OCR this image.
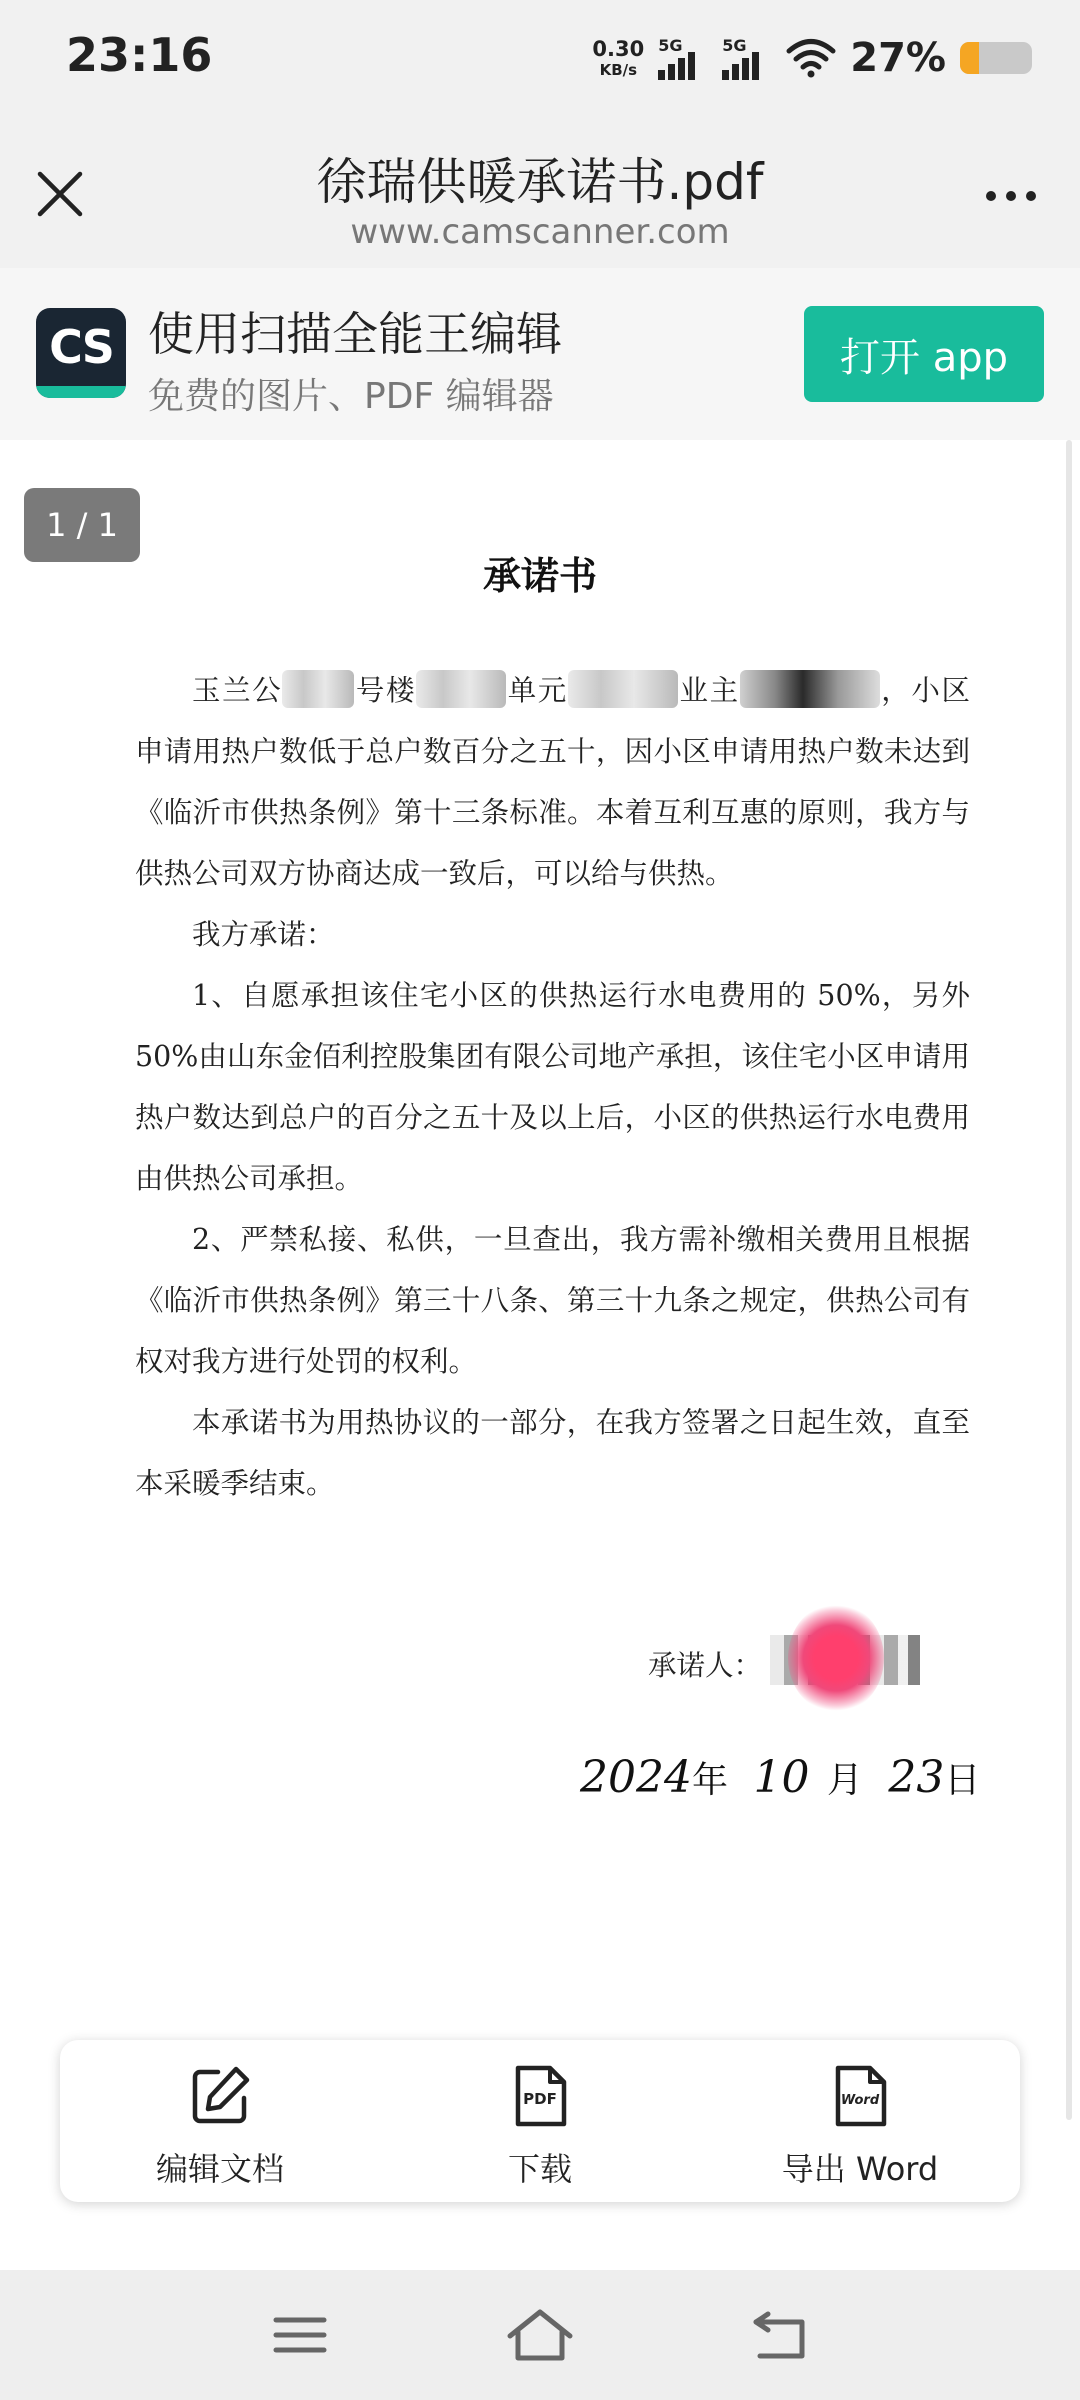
23:16	0.30
KB/s
5G 5G	27%
徐瑞供暖承诺书.pdf
www.camscanner.com
CS 使用扫描全能王编辑
免费的图片、PDF 编辑器
打开 app
1 / 1
承诺书

玉兰公	号楼	单元	业主	，小区申请用热户数低于总户数百分之五十，因小区申请用热户数未达到《临沂市供热条例》第十三条标准。本着互利互惠的原则，我方与供热公司双方协商达成一致后，可以给与供热。

我方承诺：

1、自愿承担该住宅小区的供热运行水电费用的 50%，另外 50%由山东金佰利控股集团有限公司地产承担，该住宅小区申请用热户数达到总户的百分之五十及以上后，小区的供热运行水电费用由供热公司承担。

2、严禁私接、私供，一旦查出，我方需补缴相关费用且根据《临沂市供热条例》第三十八条、第三十九条之规定，供热公司有权对我方进行处罚的权利。

本承诺书为用热协议的一部分，在我方签署之日起生效，直至本采暖季结束。

承诺人：
2024年 10 月 23日
编辑文档
PDF
下载
Word
导出 Word
